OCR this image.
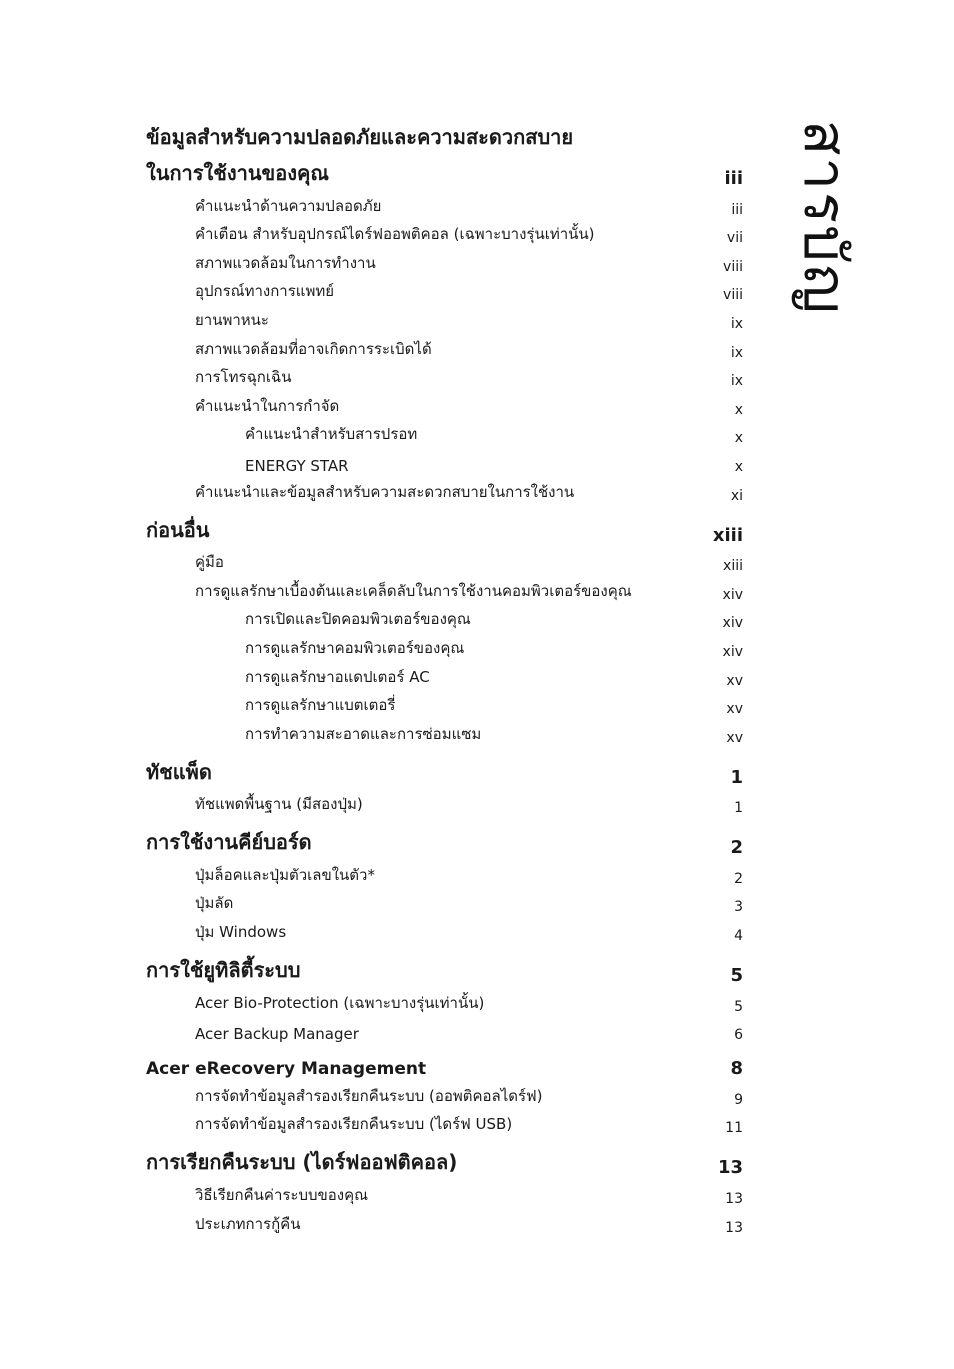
สารบัญ
ข้อมูลสำหรับความปลอดภัยและความสะดวกสบาย
ในการใช้งานของคุณ	iii
คำแนะนำด้านความปลอดภัย	iii
คำเตือน สำหรับอุปกรณ์ไดร์ฟออพติคอล (เฉพาะบางรุ่นเท่านั้น)	vii
สภาพแวดล้อมในการทำงาน	viii
อุปกรณ์ทางการแพทย์	viii
ยานพาหนะ	ix
สภาพแวดล้อมที่อาจเกิดการระเบิดได้	ix
การโทรฉุกเฉิน	ix
คำแนะนำในการกำจัด	x
คำแนะนำสำหรับสารปรอท	x
ENERGY STAR	x
คำแนะนำและข้อมูลสำหรับความสะดวกสบายในการใช้งาน	xi
ก่อนอื่น	xiii
คู่มือ	xiii
การดูแลรักษาเบื้องต้นและเคล็ดลับในการใช้งานคอมพิวเตอร์ของคุณ	xiv
การเปิดและปิดคอมพิวเตอร์ของคุณ	xiv
การดูแลรักษาคอมพิวเตอร์ของคุณ	xiv
การดูแลรักษาอแดปเตอร์ AC	xv
การดูแลรักษาแบตเตอรี่	xv
การทำความสะอาดและการซ่อมแซม	xv
ทัชแพ็ด	1
ทัชแพดพื้นฐาน (มีสองปุ่ม)	1
การใช้งานคีย์บอร์ด	2
ปุ่มล็อคและปุ่มตัวเลขในตัว*	2
ปุ่มลัด	3
ปุ่ม Windows	4
การใช้ยูทิลิตี้ระบบ	5
Acer Bio-Protection (เฉพาะบางรุ่นเท่านั้น)	5
Acer Backup Manager	6
Acer eRecovery Management	8
การจัดทำข้อมูลสำรองเรียกคืนระบบ (ออพติคอลไดร์ฟ)	9
การจัดทำข้อมูลสำรองเรียกคืนระบบ (ไดร์ฟ USB)	11
การเรียกคืนระบบ (ไดร์ฟออฟติคอล)	13
วิธีเรียกคืนค่าระบบของคุณ	13
ประเภทการกู้คืน	13
